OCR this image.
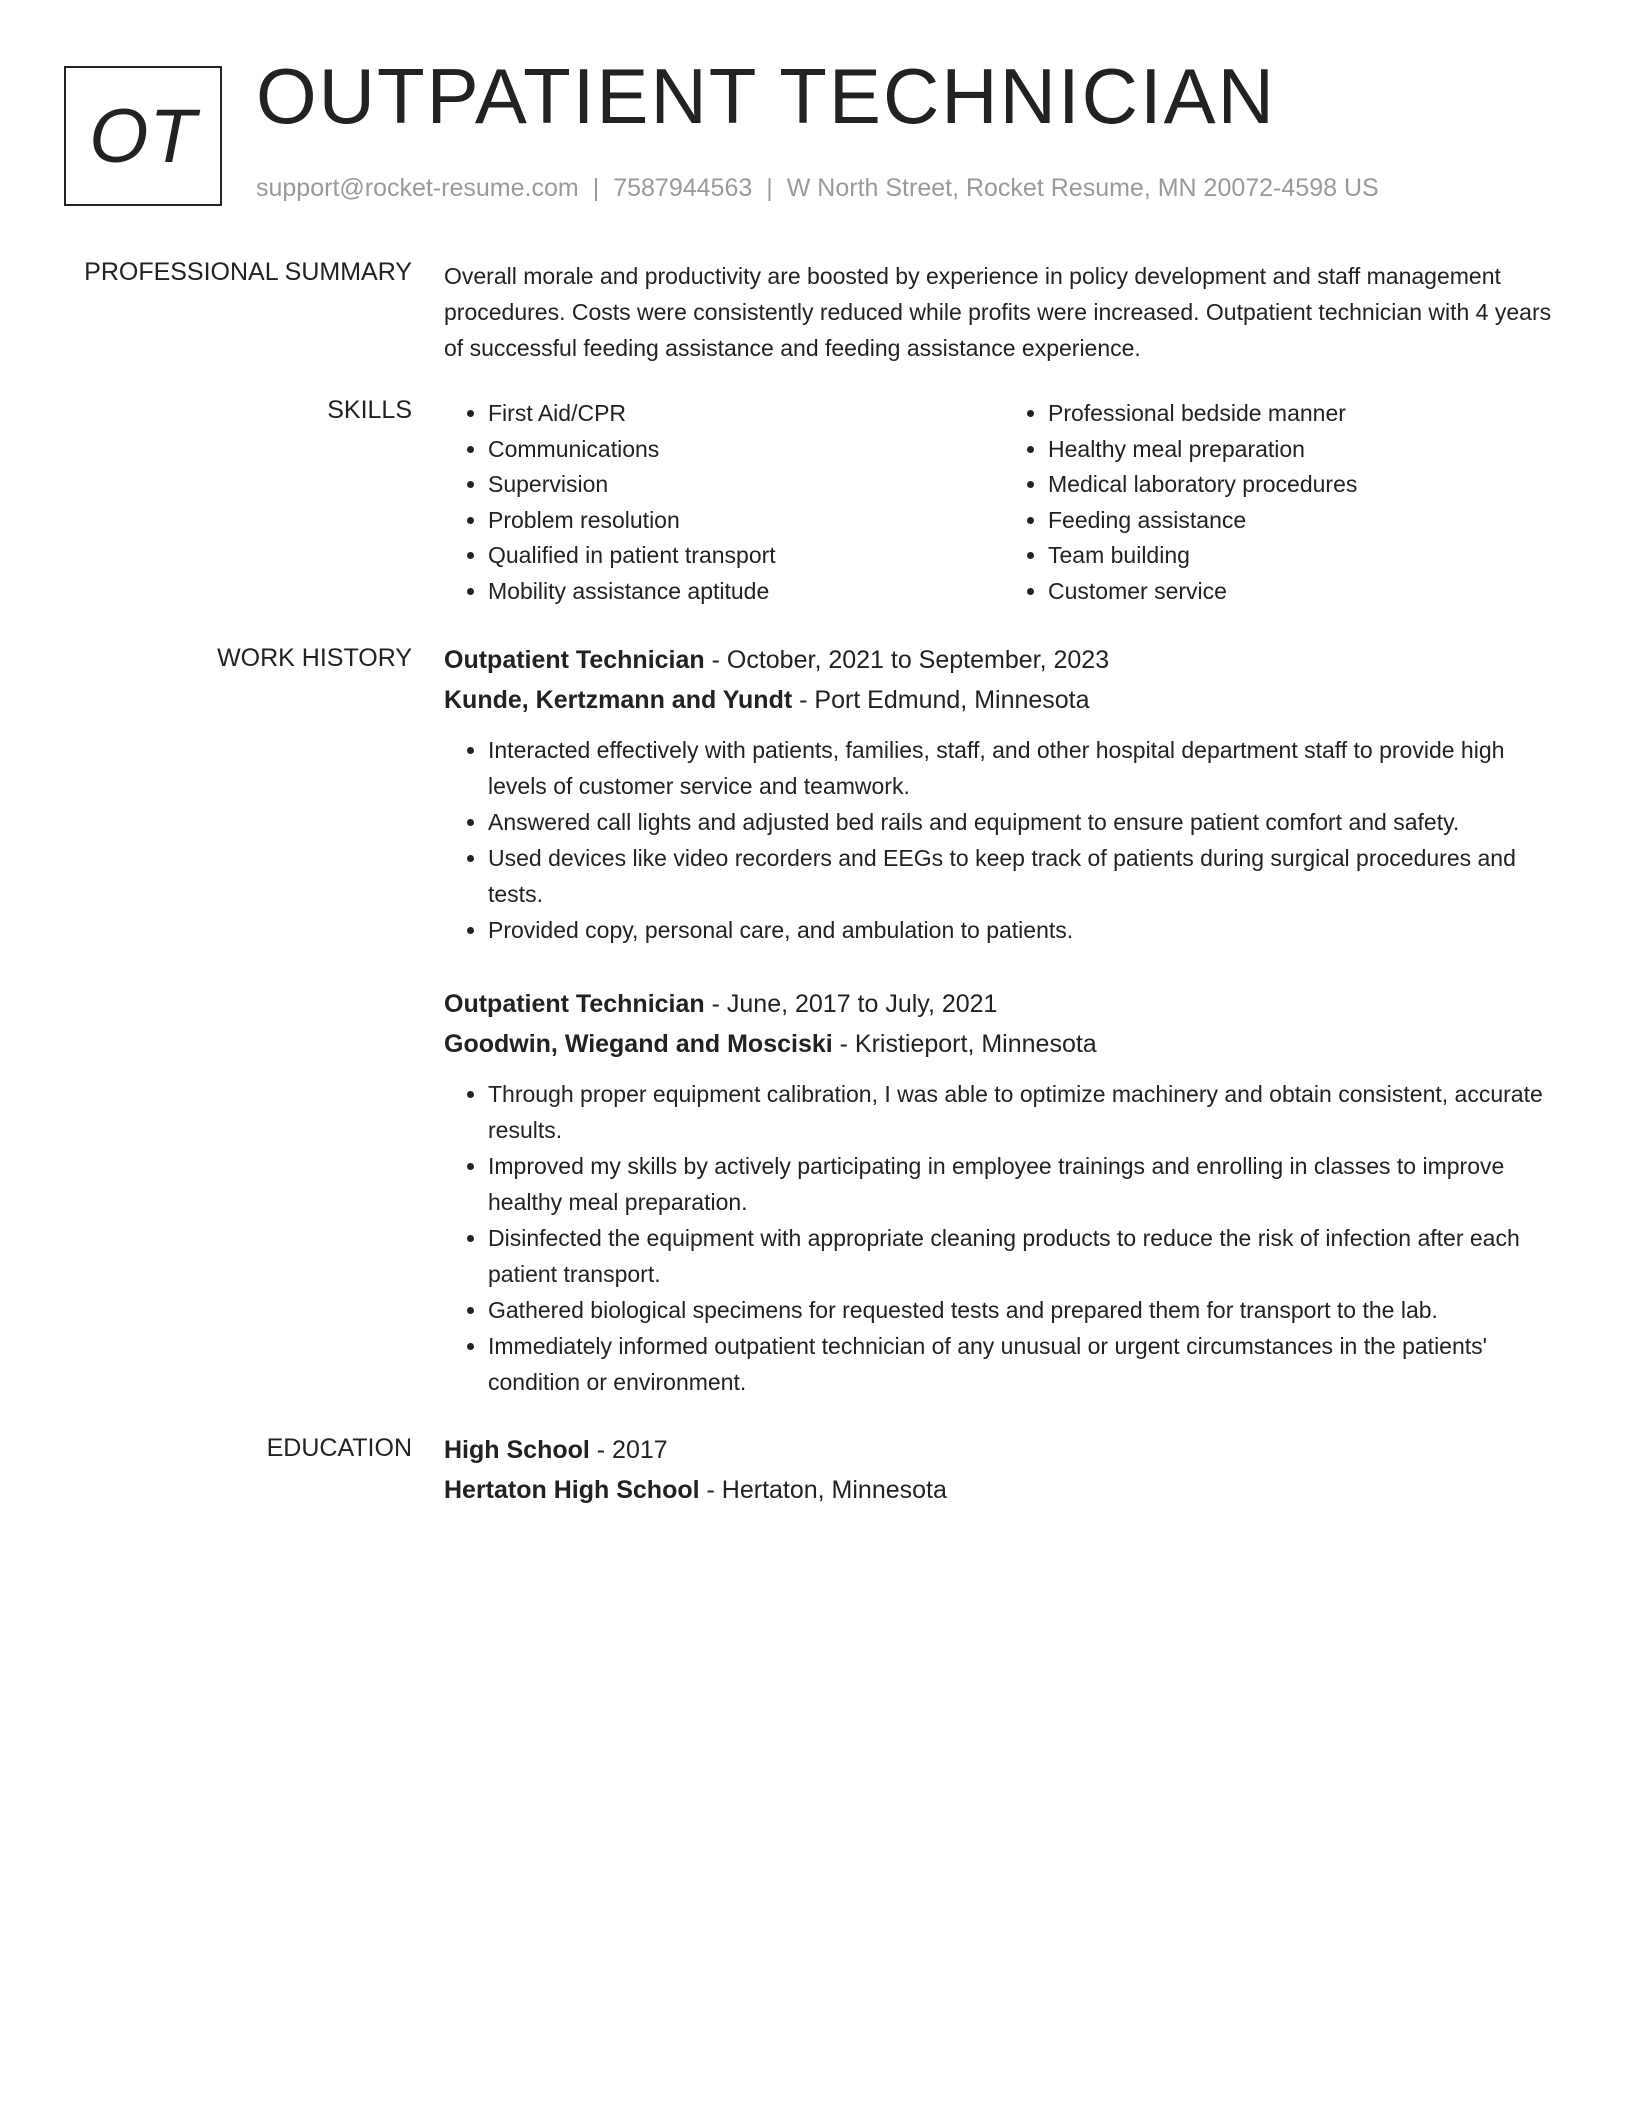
OT OUTPATIENT TECHNICIAN
support@rocket-resume.com | 7587944563 | W North Street, Rocket Resume, MN 20072-4598 US
PROFESSIONAL SUMMARY Overall morale and productivity are boosted by experience in policy development and staff management procedures. Costs were consistently reduced while profits were increased. Outpatient technician with 4 years of successful feeding assistance and feeding assistance experience.

SKILLS
•	First Aid/CPR
• Communications
• Supervision
• Problem resolution
• Qualified in patient transport
• Mobility assistance aptitude
• Professional bedside manner
• Healthy meal preparation
• Medical laboratory procedures
• Feeding assistance
• Team building
• Customer service
WORK HISTORY Outpatient Technician - October, 2021 to September, 2023
Kunde, Kertzmann and Yundt - Port Edmund, Minnesota
• Interacted effectively with patients, families, staff, and other hospital department staff to provide high levels of customer service and teamwork.
• Answered call lights and adjusted bed rails and equipment to ensure patient comfort and safety.
• Used devices like video recorders and EEGs to keep track of patients during surgical procedures and tests.
• Provided copy, personal care, and ambulation to patients.
Outpatient Technician - June, 2017 to July, 2021
Goodwin, Wiegand and Mosciski - Kristieport, Minnesota
• Through proper equipment calibration, I was able to optimize machinery and obtain consistent, accurate results.
• Improved my skills by actively participating in employee trainings and enrolling in classes to improve healthy meal preparation.
• Disinfected the equipment with appropriate cleaning products to reduce the risk of infection after each patient transport.
• Gathered biological specimens for requested tests and prepared them for transport to the lab.
• Immediately informed outpatient technician of any unusual or urgent circumstances in the patients' condition or environment.
EDUCATION High School - 2017
Hertaton High School - Hertaton, Minnesota
